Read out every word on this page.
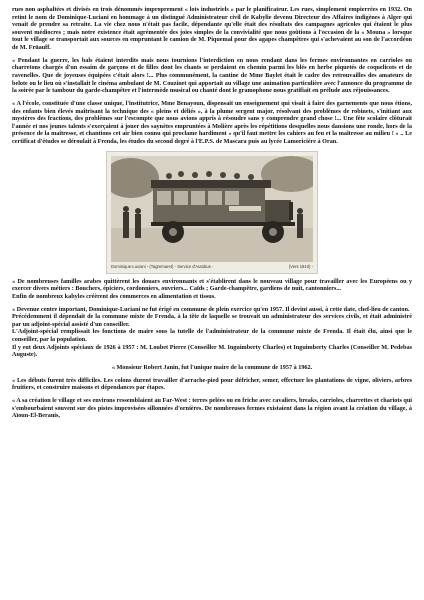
rues non asphaltées et divisés en trois dénommés improprement « lots industriels » par le planificateur. Les rues, simplement empierrées en 1932. On retint le nom de Dominique-Luciani en hommage à un distingué Administrateur civil de Kabylie devenu Directeur des Affaires indigènes à Alger qui venait de prendre sa retraite. La vie chez nous n'était pas facile, dépendante qu'elle était des résultats des campagnes agricoles qui étaient le plus souvent médiocres ; mais notre existence était agrémentée des joies simples de la convivialité que nous goûtions à l'occasion de la « Mouna » lorsque tout le village se transportait aux sources en empruntant le camion de M. Piquemal pour des agapes champêtres qui s'achevaient au son de l'accordéon de M. Früauff.

« Pendant la guerre, les bals étaient interdits mais nous tournions l'interdiction en nous rendant dans les fermes environnantes en carrioles ou charretons chargés d'un essaim de garçons et de filles dont les chants se perdaient en chemin parmi les blés en herbe piquetés de coquelicots et de ravenelles. Que de joyeuses équipées c'était alors !... Plus communément, la cantine de Mme Baylet était le cadre des retrouvailles des amateurs de belote ou le lieu où s'installait le cinéma ambulant de M. Couzinet qui apportait au village une animation particulière avec l'annonce du programme de la soirée par le tambour du garde-champêtre et l'intermède musical ou chanté dont le gramophone nous gratifiait en prélude aux réjouissances.

« A l'école, constituée d'une classe unique, l'institutrice, Mme Benayoun, dispensait un enseignement qui visait à faire des garnements que nous étions, des enfants bien élevés maîtrisant la technique des « pleins et déliés », à la plume sergent major, résolvant des problèmes de robinets, s'initiant aux mystères des fractions, des problèmes sur l'escompte que nous avions appris à résoudre sans y comprendre grand chose !... Une fête scolaire clôturait l'année et nos jeunes talents s'exerçaient à jouer des saynètes empruntées à Molière après les répétitions desquelles nous dansions une ronde, hors de la présence de la maîtresse, et chantions cet air bien connu qui proclame hardiment « qu'il faut mettre les cahiers au feu et la maîtresse au milieu ! » .. Le certificat d'études se déroulait à Frenda, les études du second degré à l'E.P.S. de Mascara puis au lycée Lamoricière à Oran.

Dominique-Luciani - (Tagremaret) - Service d'Autobus -	(Vers 1910) -

« De nombreuses familles arabes quittèrent les douars environnants et s'établirent dans le nouveau village pour travailler avec les Européens ou y exercer divers métiers : Bouchers, épiciers, cordonniers, ouvriers... Caïds ; Garde-champêtre, gardiens de nuit, cantonniers...

Enfin de nombreux kabyles créèrent des commerces en alimentation et tissus.

« Devenue centre important, Dominique-Luciani ne fut érigé en commune de plein exercice qu'en 1957. Il devint aussi, à cette date, chef-lieu de canton.

Précédemment il dépendait de la commune mixte de Frenda, à la tête de laquelle se trouvait un administrateur des services civils, et était administré par un adjoint-spécial assisté d'un conseiller.

L'Adjoint-spécial remplissait les fonctions de maire sous la tutelle de l'administrateur de la commune mixte de Frenda. Il était élu, ainsi que le conseiller, par la population.

Il y eut deux Adjoints spéciaux de 1926 à 1957 : M. Loubet Pierre (Conseiller M. Inguimberty Charles) et Inguimberty Charles (Conseiller M. Pedebas Auguste).

« Monsieur Robert Janin, fut l'unique maire de la commune de 1957 à 1962.

« Les débuts furent très difficiles. Les colons durent travailler d'arrache-pied pour défricher, semer, effectuer les plantations de vigne, oliviers, arbres fruitiers, et construire maisons et dépendances par étapes.

« A sa création le village et ses environs ressemblaient au Far-West : terres pelées ou en friche avec cavaliers, breaks, carrioles, charrettes et chariots qui s'embourbaient souvent sur des pistes improvisées sillonnées d'ornières. De nombreuses fermes existaient dans la région avant la création du village, à Aïoun-El-Beranis,
